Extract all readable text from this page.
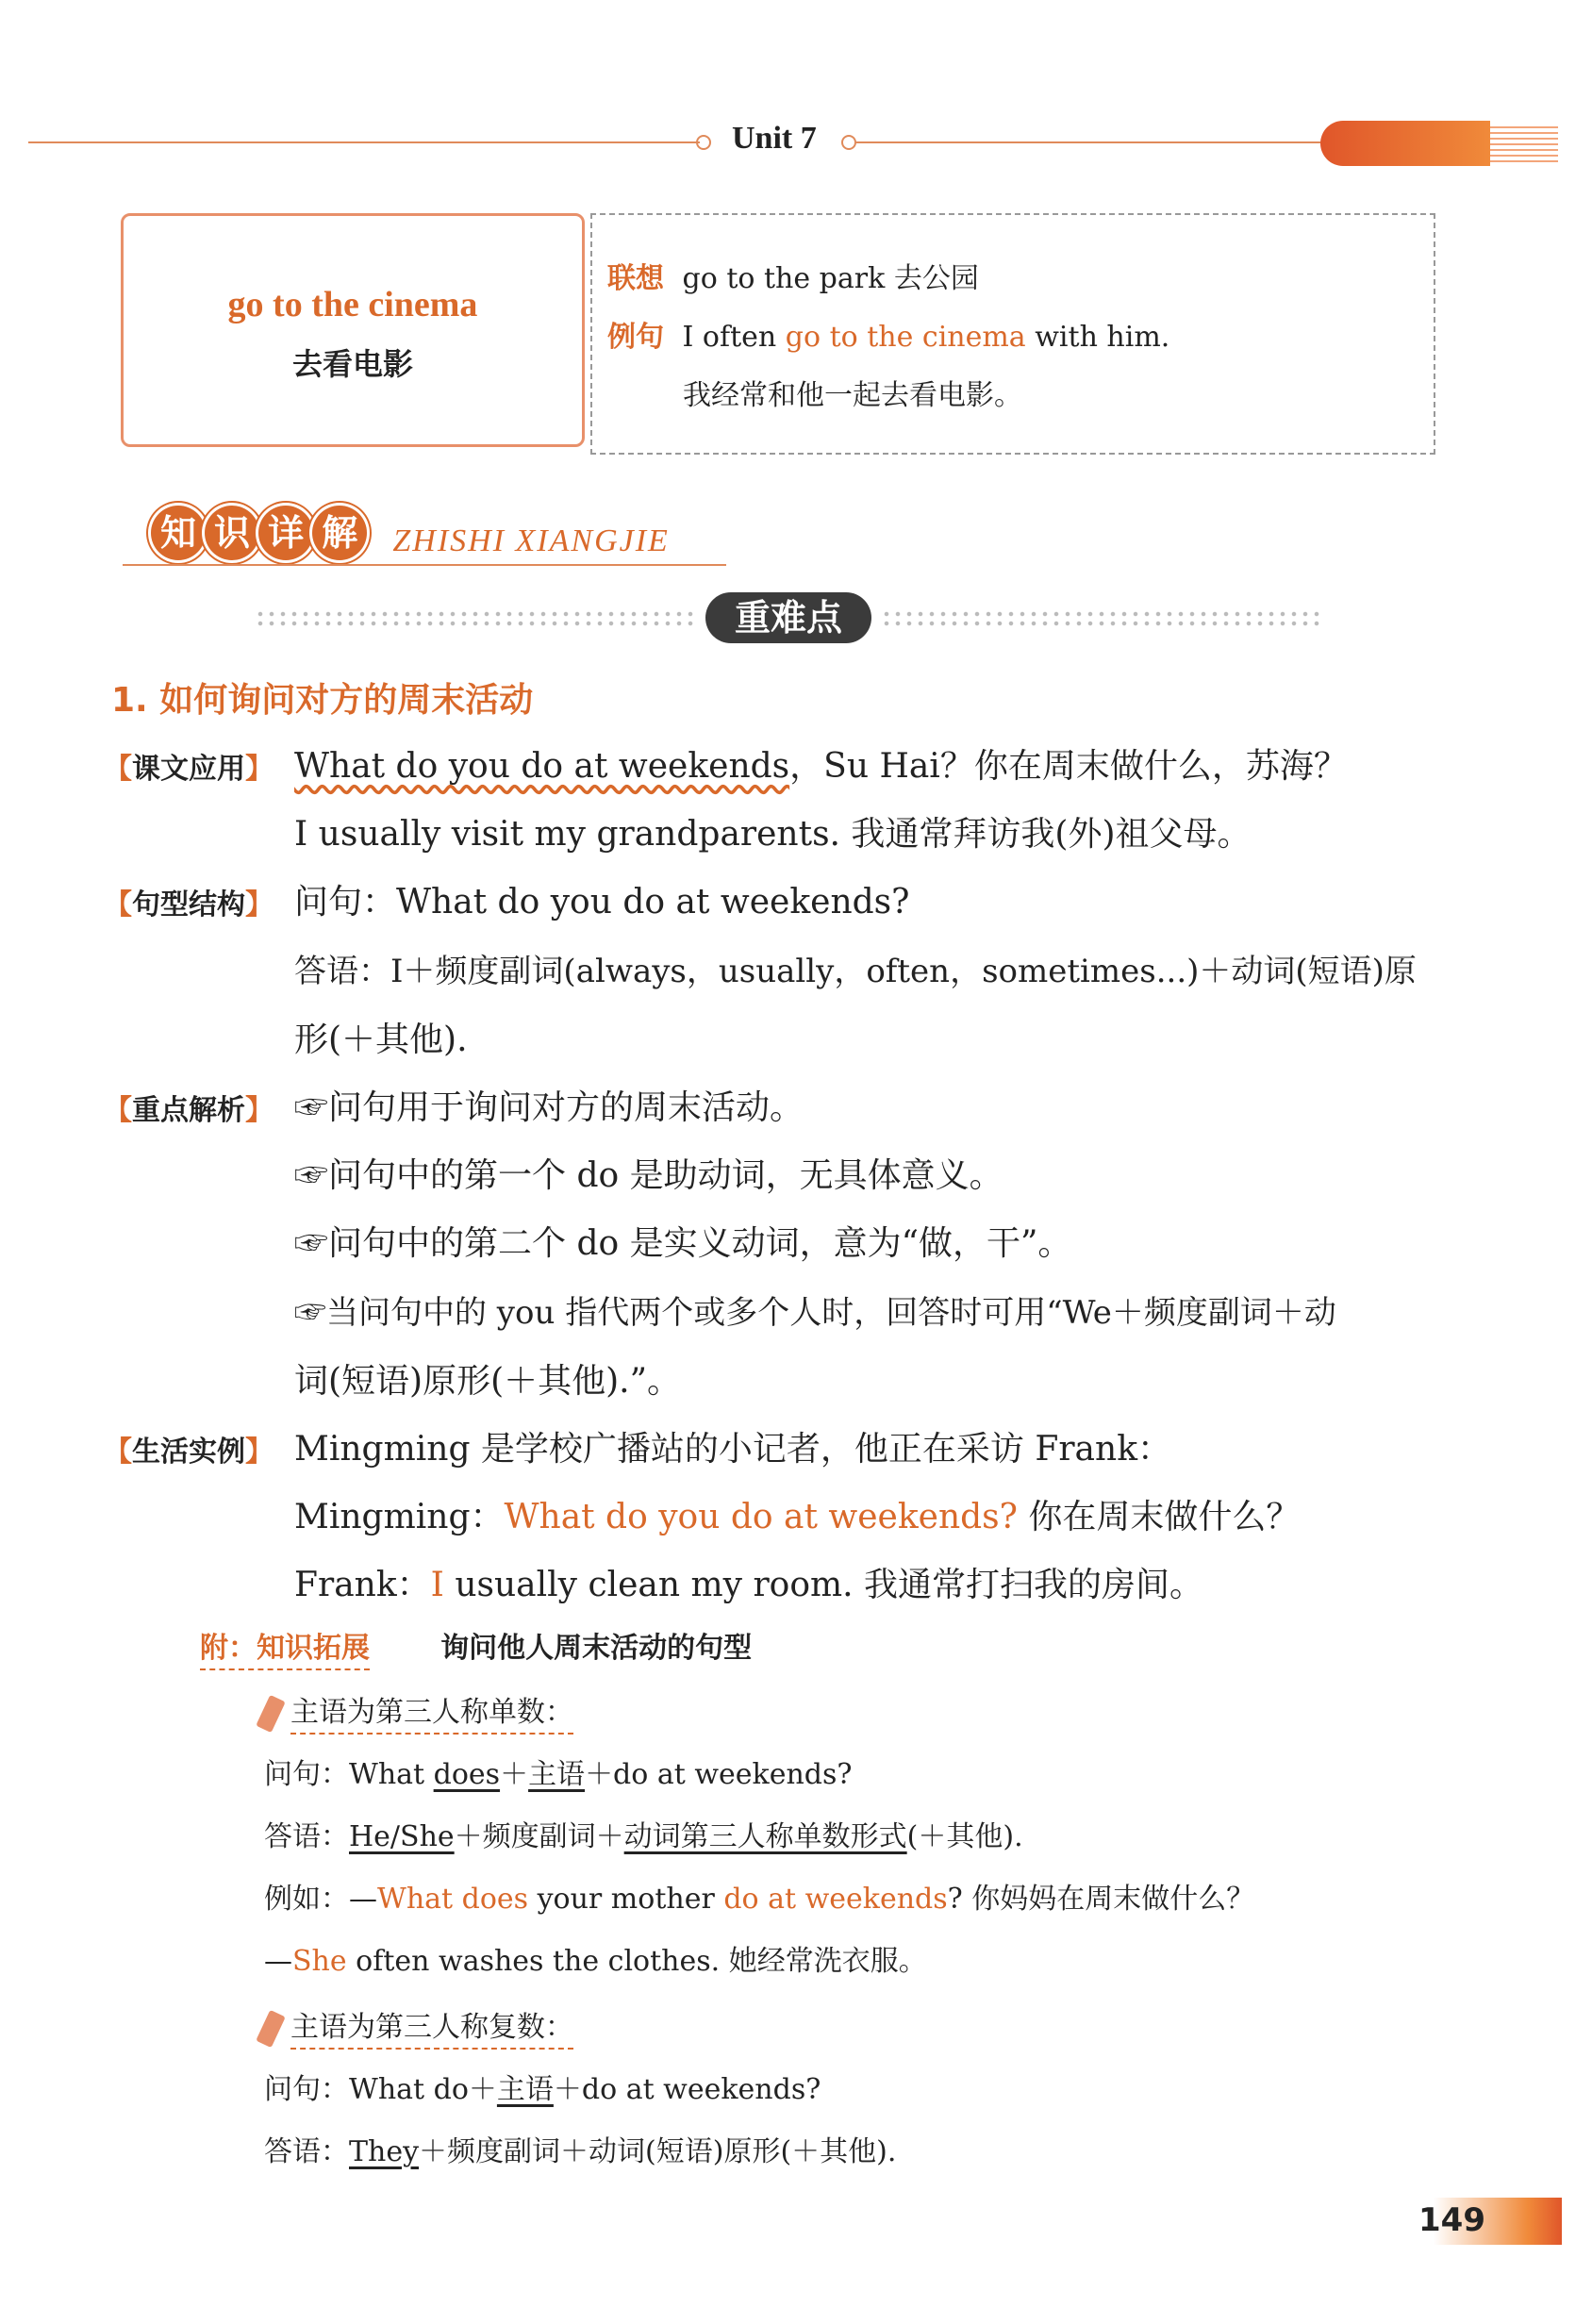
Unit 7
go to the cinema
去看电影
联想 go to the park 去公园
例句 I often go to the cinema with him.
我经常和他一起去看电影。
知 识 详 解 ZHISHI XIANGJIE
重难点
1. 如何询问对方的周末活动
【课文应用】 What do you do at weekends，Su Hai？你在周末做什么，苏海？
I usually visit my grandparents. 我通常拜访我(外)祖父母。
【句型结构】 问句：What do you do at weekends?
答语：I＋频度副词(always，usually，often，sometimes...)＋动词(短语)原
形(＋其他).
【重点解析】 ☞问句用于询问对方的周末活动。
☞问句中的第一个 do 是助动词，无具体意义。
☞问句中的第二个 do 是实义动词，意为“做，干”。
☞当问句中的 you 指代两个或多个人时，回答时可用“We＋频度副词＋动
词(短语)原形(＋其他).”。
【生活实例】 Mingming 是学校广播站的小记者，他正在采访 Frank：
Mingming：What do you do at weekends? 你在周末做什么？
Frank：I usually clean my room. 我通常打扫我的房间。
附：知识拓展	询问他人周末活动的句型
主语为第三人称单数：
问句：What does＋主语＋do at weekends?
答语：He/She＋频度副词＋动词第三人称单数形式(＋其他).
例如：—What does your mother do at weekends? 你妈妈在周末做什么？
—She often washes the clothes. 她经常洗衣服。
主语为第三人称复数：
问句：What do＋主语＋do at weekends?
答语：They＋频度副词＋动词(短语)原形(＋其他).
149
